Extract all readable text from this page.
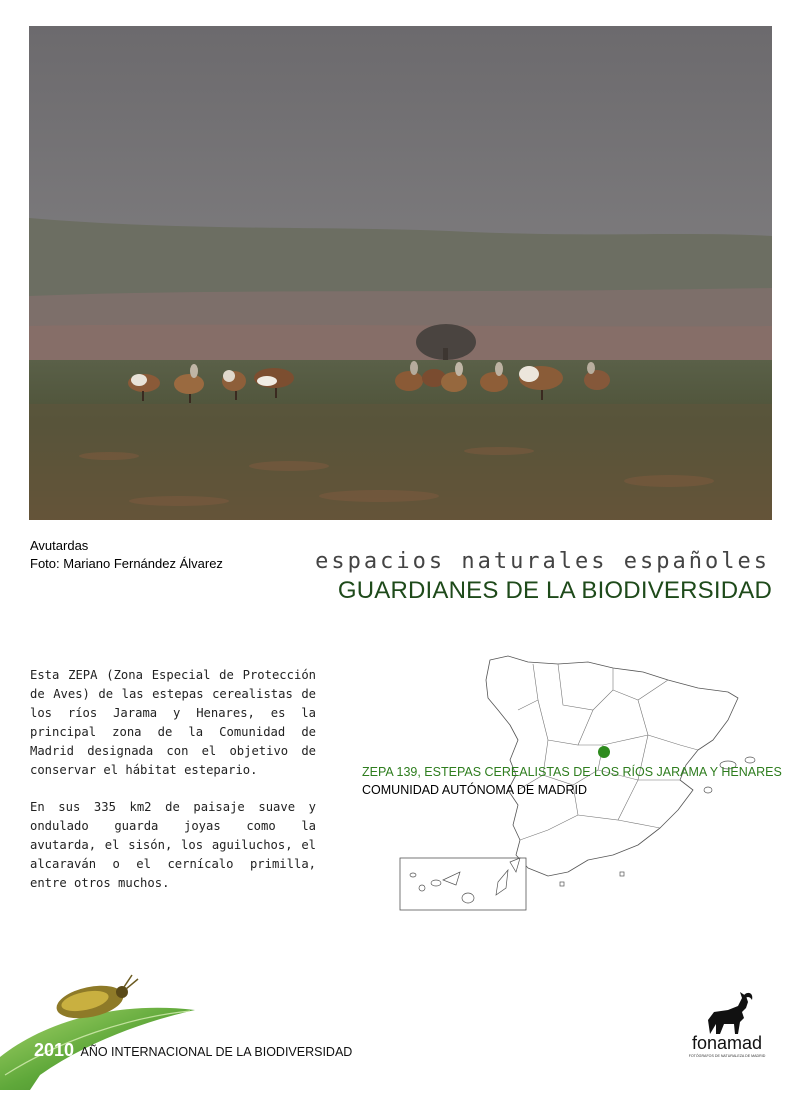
Avutardas
Foto: Mariano Fernández Álvarez	espacios naturales españoles
GUARDIANES DE LA BIODIVERSIDAD

Esta ZEPA (Zona Especial de Protección de Aves) de las estepas cerealistas de los ríos Jarama y Henares, es la principal zona de la Comunidad de Madrid designada con el objetivo de conservar el hábitat estepario.

En sus 335 km2 de paisaje suave y ondulado guarda joyas como la avutarda, el sisón, los aguiluchos, el alcaraván o el cernícalo primilla, entre otros muchos.

ZEPA 139, ESTEPAS CEREALISTAS DE LOS RÍOS JARAMA Y HENARES
COMUNIDAD AUTÓNOMA DE MADRID
2010 AÑO INTERNACIONAL DE LA BIODIVERSIDAD	fonamad
FOTÓGRAFOS DE NATURALEZA DE MADRID
